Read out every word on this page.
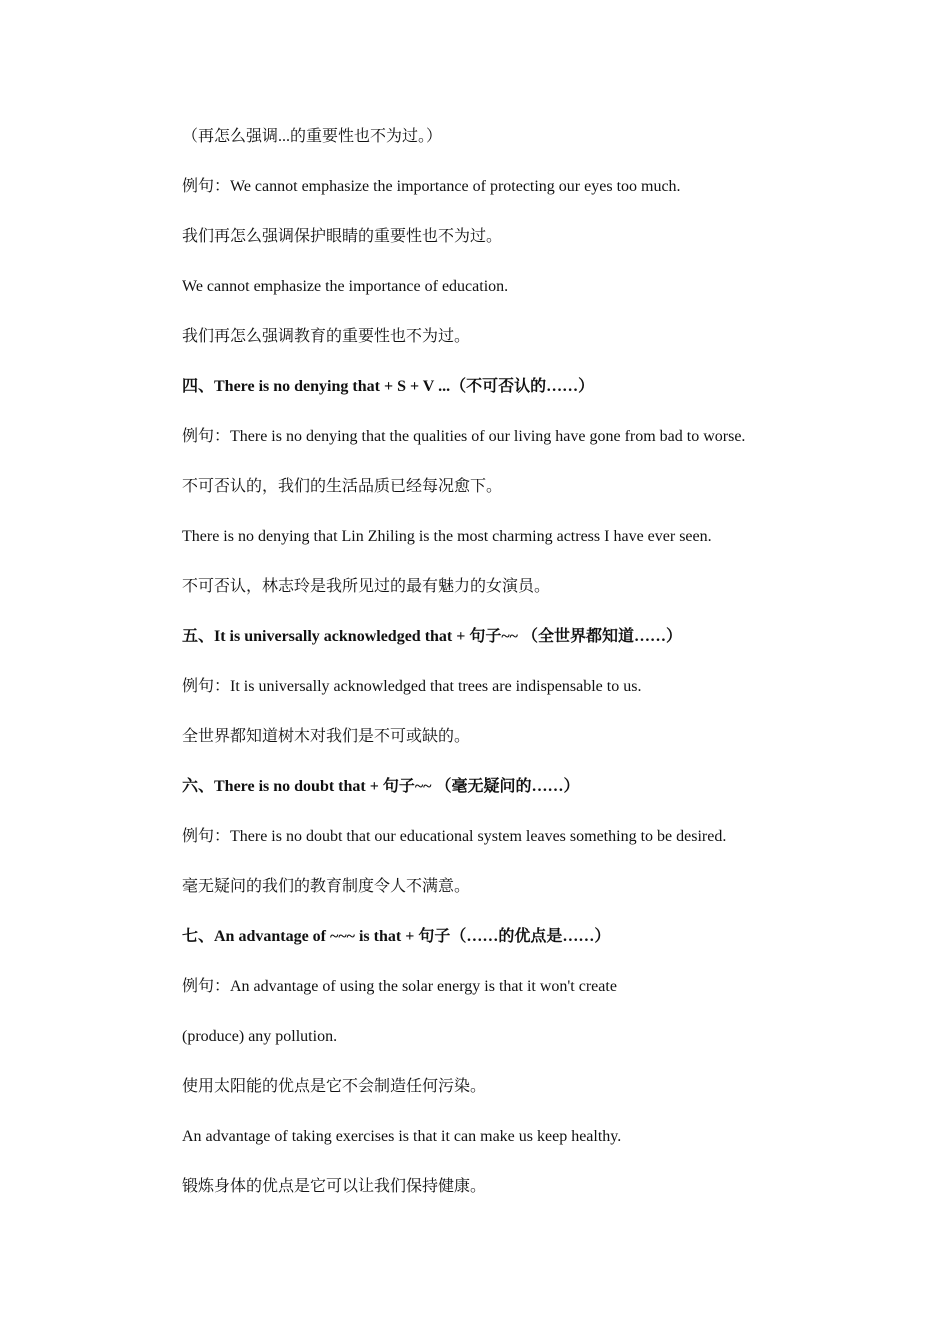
（再怎么强调...的重要性也不为过。）

例句：We cannot emphasize the importance of protecting our eyes too much.

我们再怎么强调保护眼睛的重要性也不为过。

We cannot emphasize the importance of education.

我们再怎么强调教育的重要性也不为过。

四、There is no denying that + S + V ...（不可否认的……）

例句：There is no denying that the qualities of our living have gone from bad to worse.

不可否认的，我们的生活品质已经每况愈下。

There is no denying that Lin Zhiling is the most charming actress I have ever seen.

不可否认，林志玲是我所见过的最有魅力的女演员。

五、It is universally acknowledged that + 句子~~ （全世界都知道……）

例句：It is universally acknowledged that trees are indispensable to us.

全世界都知道树木对我们是不可或缺的。

六、There is no doubt that + 句子~~ （毫无疑问的……）

例句：There is no doubt that our educational system leaves something to be desired.

毫无疑问的我们的教育制度令人不满意。

七、An advantage of ~~~ is that + 句子（……的优点是……）

例句：An advantage of using the solar energy is that it won't create

(produce) any pollution.

使用太阳能的优点是它不会制造任何污染。

An advantage of taking exercises is that it can make us keep healthy.

锻炼身体的优点是它可以让我们保持健康。
